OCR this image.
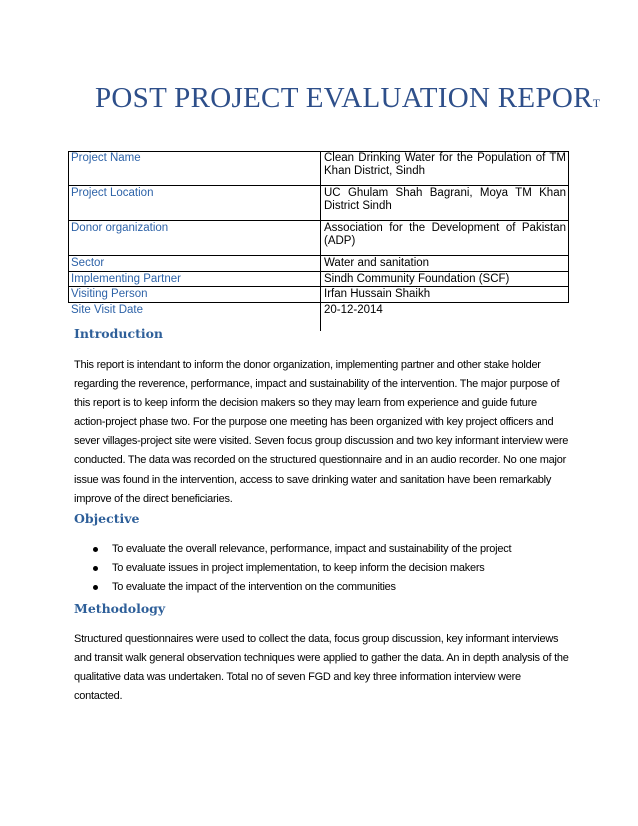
POST PROJECT EVALUATION REPORT
Project Name	Clean Drinking Water for the Population of TM Khan District, Sindh
Project Location	UC Ghulam Shah Bagrani, Moya TM Khan District Sindh
Donor organization	Association for the Development of Pakistan (ADP)
Sector	Water and sanitation
Implementing Partner	Sindh Community Foundation (SCF)
Visiting Person	Irfan Hussain Shaikh
Site Visit Date	20-12-2014
Introduction
This report is intendant to inform the donor organization, implementing partner and other stake holder regarding the reverence, performance, impact and sustainability of the intervention. The major purpose of this report is to keep inform the decision makers so they may learn from experience and guide future action-project phase two. For the purpose one meeting has been organized with key project officers and sever villages-project site were visited. Seven focus group discussion and two key informant interview were conducted. The data was recorded on the structured questionnaire and in an audio recorder. No one major issue was found in the intervention, access to save drinking water and sanitation have been remarkably improve of the direct beneficiaries.
Objective
To evaluate the overall relevance, performance, impact and sustainability of the project
To evaluate issues in project implementation, to keep inform the decision makers
To evaluate the impact of the intervention on the communities
Methodology
Structured questionnaires were used to collect the data, focus group discussion, key informant interviews and transit walk general observation techniques were applied to gather the data. An in depth analysis of the qualitative data was undertaken. Total no of seven FGD and key three information interview were contacted.
